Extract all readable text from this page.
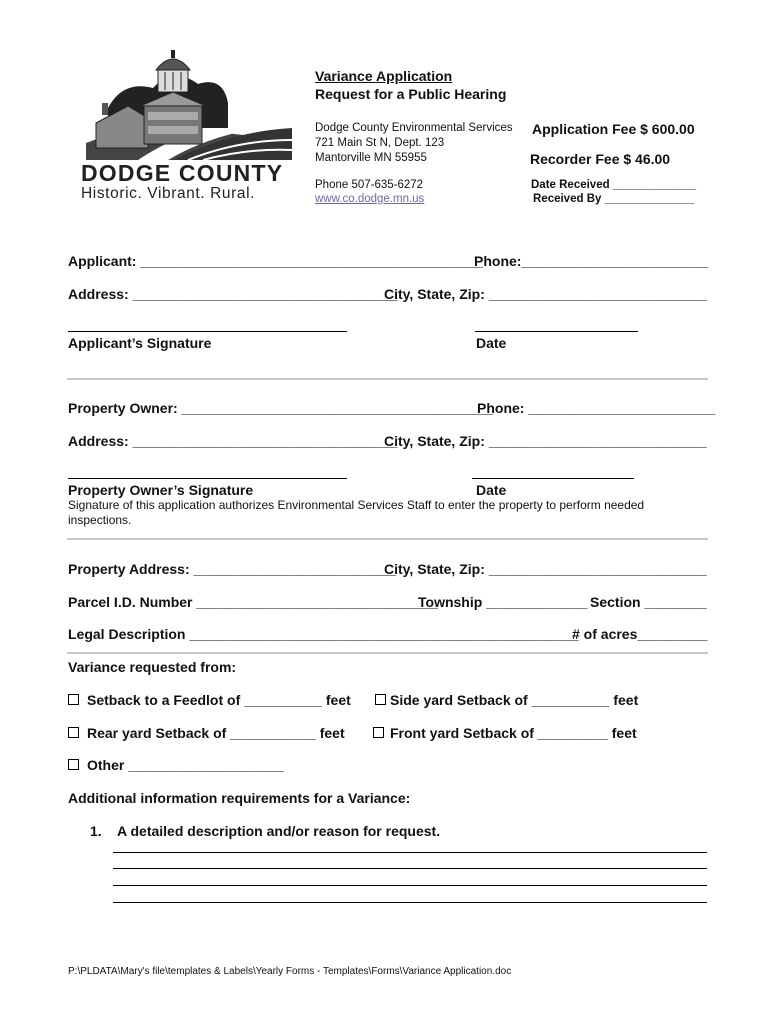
DODGE COUNTY
Historic. Vibrant. Rural.
Variance Application
Request for a Public Hearing
Dodge County Environmental Services
721 Main St N, Dept. 123
Mantorville MN 55955
Phone 507-635-6272
www.co.dodge.mn.us
Application Fee $ 600.00
Recorder Fee $ 46.00
Date Received _____________
Received By ______________
Applicant: ____________________________________________
Phone:________________________
Address: __________________________________
City, State, Zip: ____________________________
Applicant’s Signature	Date
Property Owner: ________________________________________
Phone: ________________________
Address: __________________________________
City, State, Zip: ____________________________
Property Owner’s Signature	Date
Signature of this application authorizes Environmental Services Staff to enter the property to perform needed inspections.
Property Address: __________________________
City, State, Zip: ____________________________
Parcel I.D. Number _______________________________
Township _____________ Section ________
Legal Description __________________________________________________
# of acres_________
Variance requested from:
Setback to a Feedlot of __________ feet	Side yard Setback of __________ feet
Rear yard Setback of ___________ feet	Front yard Setback of _________ feet
Other ____________________
Additional information requirements for a Variance:
1. A detailed description and/or reason for request.
P:\PLDATA\Mary's file\templates & Labels\Yearly Forms - Templates\Forms\Variance Application.doc
